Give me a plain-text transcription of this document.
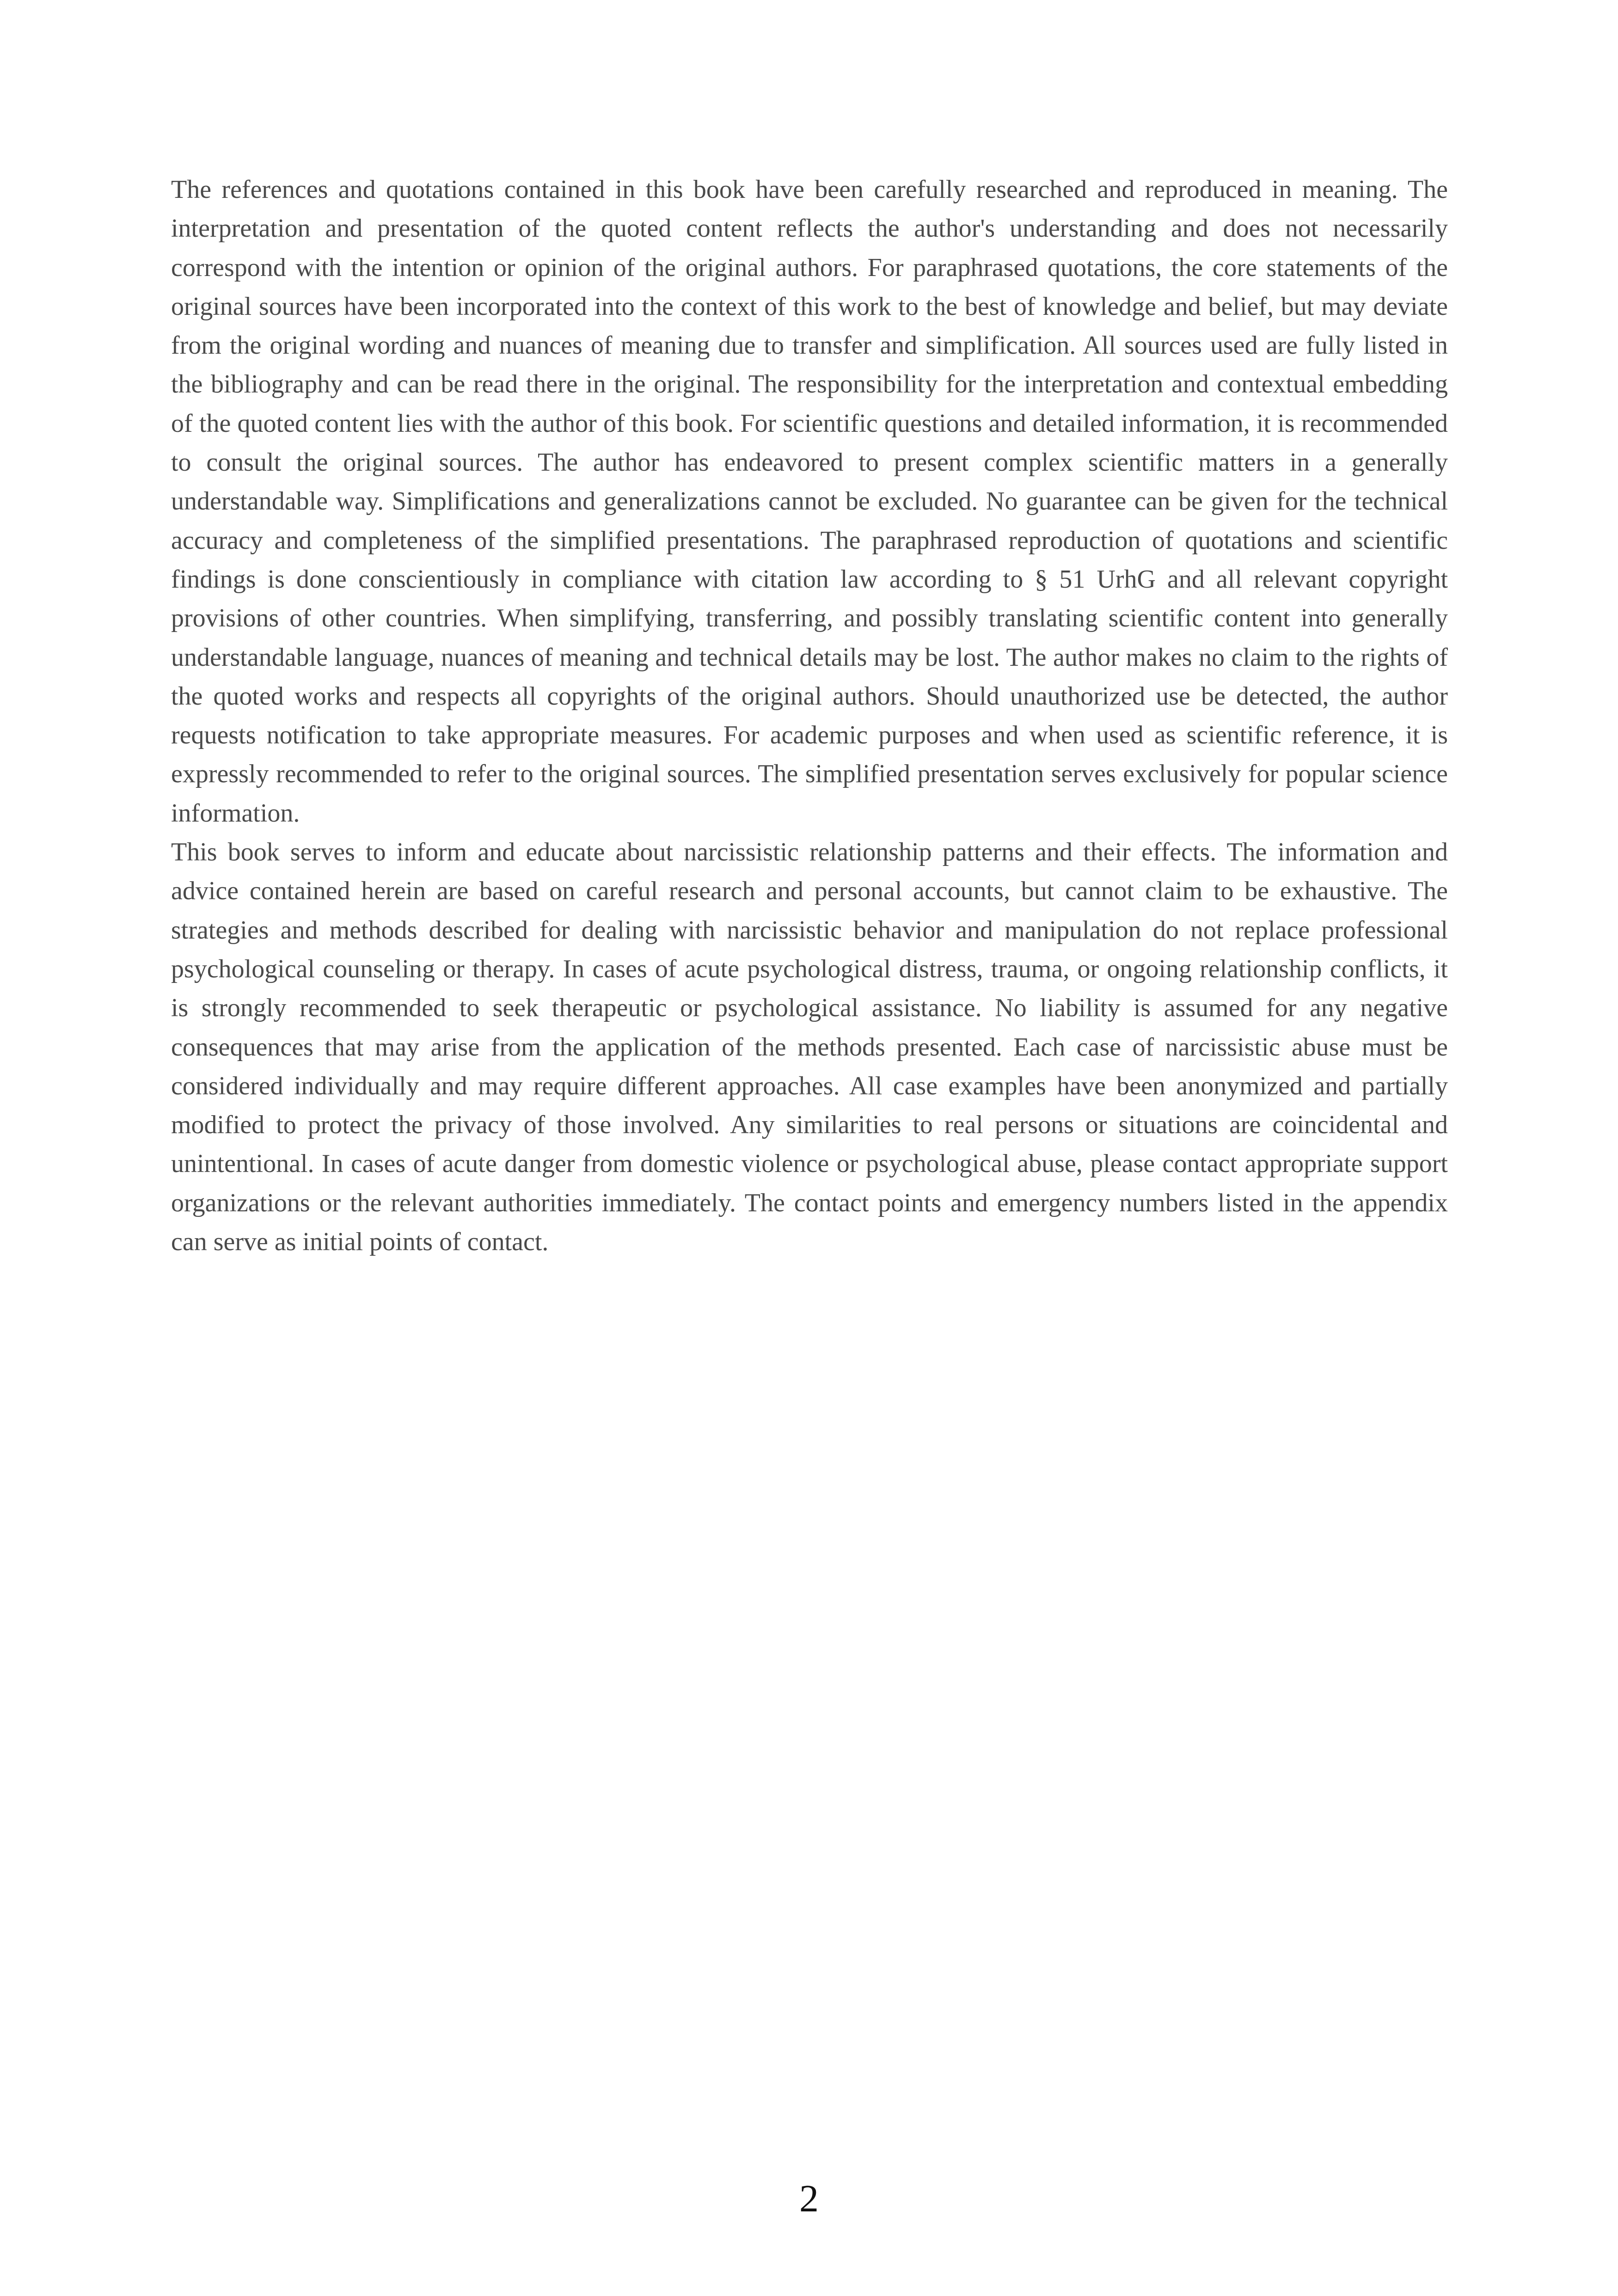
The references and quotations contained in this book have been carefully researched and reproduced in meaning. The interpretation and presentation of the quoted content reflects the author's understanding and does not necessarily correspond with the intention or opinion of the original authors. For paraphrased quotations, the core statements of the original sources have been incorporated into the context of this work to the best of knowledge and belief, but may deviate from the original wording and nuances of meaning due to transfer and simplification. All sources used are fully listed in the bibliography and can be read there in the original. The responsibility for the interpretation and contextual embedding of the quoted content lies with the author of this book. For scientific questions and detailed information, it is recommended to consult the original sources. The author has endeavored to present complex scientific matters in a generally understandable way. Simplifications and generalizations cannot be excluded. No guarantee can be given for the technical accuracy and completeness of the simplified presentations. The paraphrased reproduction of quotations and scientific findings is done conscientiously in compliance with citation law according to § 51 UrhG and all relevant copyright provisions of other countries. When simplifying, transferring, and possibly translating scientific content into generally understandable language, nuances of meaning and technical details may be lost. The author makes no claim to the rights of the quoted works and respects all copyrights of the original authors. Should unauthorized use be detected, the author requests notification to take appropriate measures. For academic purposes and when used as scientific reference, it is expressly recommended to refer to the original sources. The simplified presentation serves exclusively for popular science information.

This book serves to inform and educate about narcissistic relationship patterns and their effects. The information and advice contained herein are based on careful research and personal accounts, but cannot claim to be exhaustive. The strategies and methods described for dealing with narcissistic behavior and manipulation do not replace professional psychological counseling or therapy. In cases of acute psychological distress, trauma, or ongoing relationship conflicts, it is strongly recommended to seek therapeutic or psychological assistance. No liability is assumed for any negative consequences that may arise from the application of the methods presented. Each case of narcissistic abuse must be considered individually and may require different approaches. All case examples have been anonymized and partially modified to protect the privacy of those involved. Any similarities to real persons or situations are coincidental and unintentional. In cases of acute danger from domestic violence or psychological abuse, please contact appropriate support organizations or the relevant authorities immediately. The contact points and emergency numbers listed in the appendix can serve as initial points of contact.

2
